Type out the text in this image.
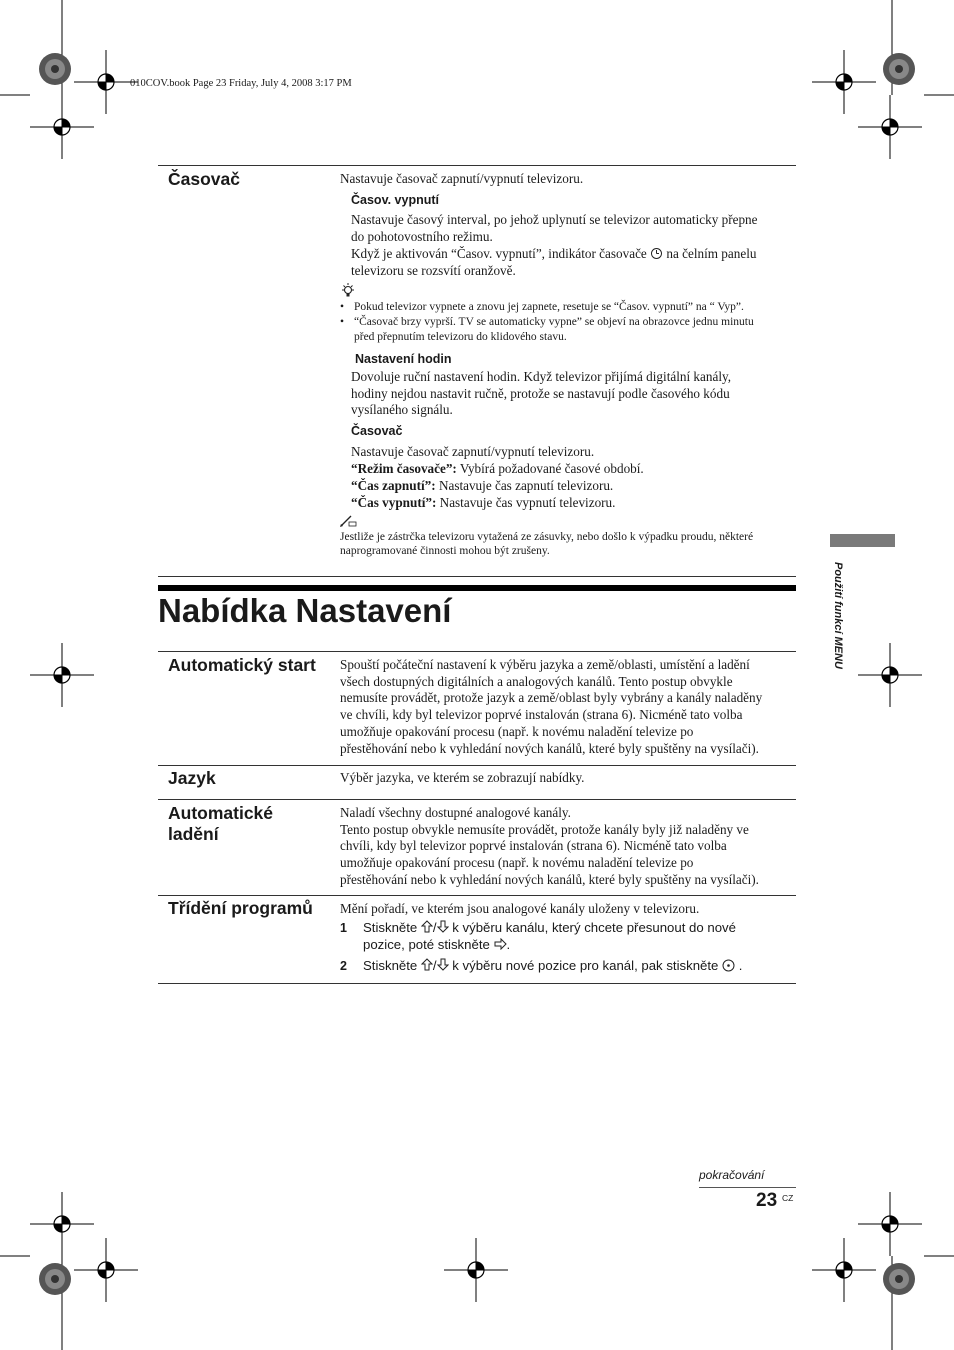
010COV.book Page 23 Friday, July 4, 2008 3:17 PM
Časovač	Nastavuje časovač zapnutí/vypnutí televizoru.
Časov. vypnutí
Nastavuje časový interval, po jehož uplynutí se televizor automaticky přepne
do pohotovostního režimu.
Když je aktivován “Časov. vypnutí”, indikátor časovače na čelním panelu
televizoru se rozsvítí oranžově.
• Pokud televizor vypnete a znovu jej zapnete, resetuje se “Časov. vypnutí” na “ Vyp”.
• “Časovač brzy vyprší. TV se automaticky vypne” se objeví na obrazovce jednu minutu
před přepnutím televizoru do klidového stavu.
Nastavení hodin
Dovoluje ruční nastavení hodin. Když televizor přijímá digitální kanály,
hodiny nejdou nastavit ručně, protože se nastavují podle časového kódu
vysílaného signálu.
Časovač
Nastavuje časovač zapnutí/vypnutí televizoru.
“Režim časovače”: Vybírá požadované časové období.
“Čas zapnutí”: Nastavuje čas zapnutí televizoru.
“Čas vypnutí”: Nastavuje čas vypnutí televizoru.
Jestliže je zástrčka televizoru vytažená ze zásuvky, nebo došlo k výpadku proudu, některé
naprogramované činnosti mohou být zrušeny.
Nabídka Nastavení
Automatický start Spouští počáteční nastavení k výběru jazyka a země/oblasti, umístění a ladění
všech dostupných digitálních a analogových kanálů. Tento postup obvykle
nemusíte provádět, protože jazyk a země/oblast byly vybrány a kanály naladěny
ve chvíli, kdy byl televizor poprvé instalován (strana 6). Nicméně tato volba
umožňuje opakování procesu (např. k novému naladění televize po
přestěhování nebo k vyhledání nových kanálů, které byly spuštěny na vysílači).
Jazyk	Výběr jazyka, ve kterém se zobrazují nabídky.
Automatické
ladění
Naladí všechny dostupné analogové kanály.
Tento postup obvykle nemusíte provádět, protože kanály byly již naladěny ve
chvíli, kdy byl televizor poprvé instalován (strana 6). Nicméně tato volba
umožňuje opakování procesu (např. k novému naladění televize po
přestěhování nebo k vyhledání nových kanálů, které byly spuštěny na vysílači).
Třídění programů Mění pořadí, ve kterém jsou analogové kanály uloženy v televizoru.
1 Stiskněte / k výběru kanálu, který chcete přesunout do nové
pozice, poté stiskněte .
2 Stiskněte / k výběru nové pozice pro kanál, pak stiskněte  .
Použití funkcí MENU
pokračování
23 CZ
